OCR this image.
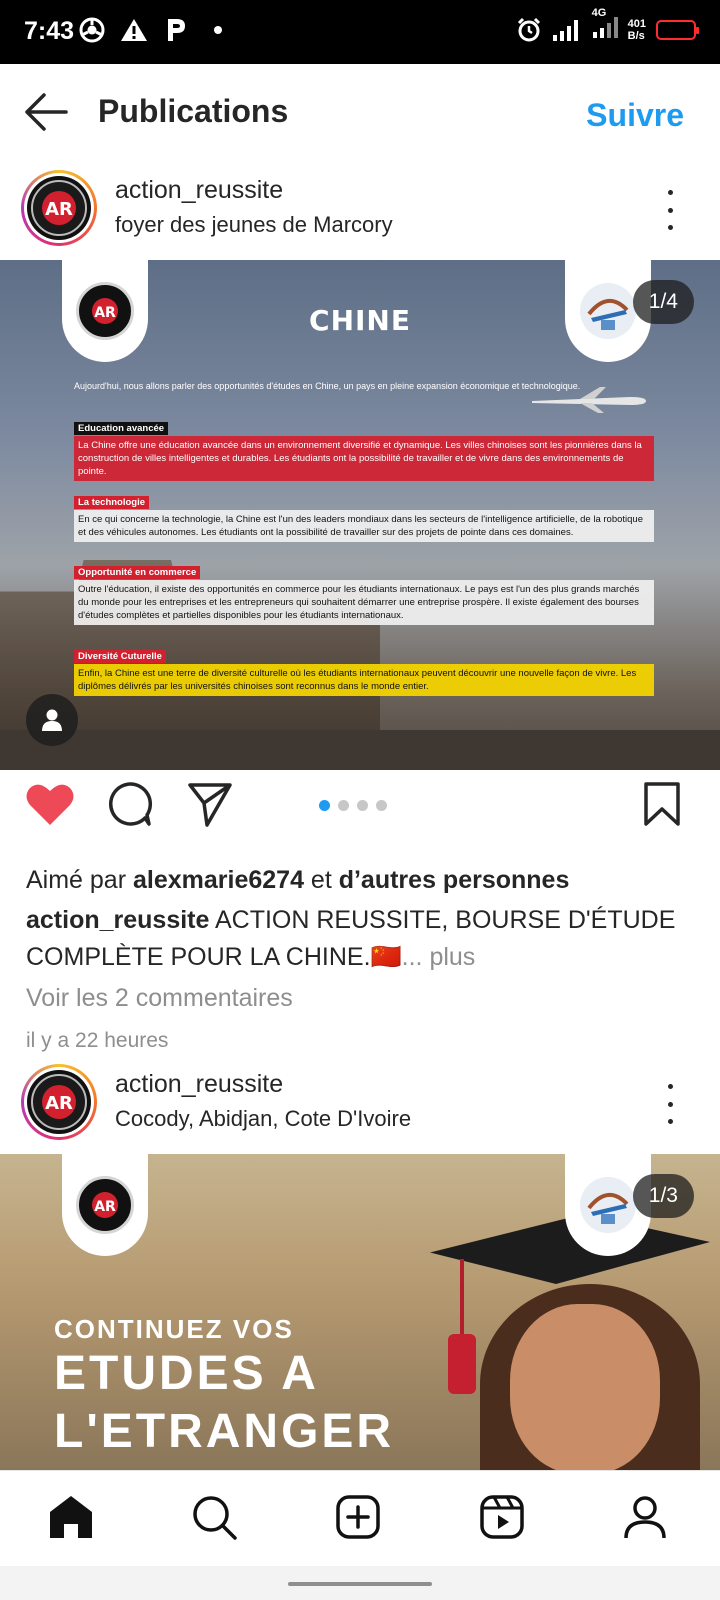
7:43
4G
401
B/s
Publications	Suivre
AR
action_reussite
foyer des jeunes de Marcory
AR	1/4
CHINE
Aujourd'hui, nous allons parler des opportunités d'études en Chine, un pays en pleine expansion économique et technologique.
Education avancée
La Chine offre une éducation avancée dans un environnement diversifié et dynamique. Les villes chinoises sont les pionnières dans la construction de villes intelligentes et durables. Les étudiants ont la possibilité de travailler et de vivre dans des environnements de pointe.
La technologie
En ce qui concerne la technologie, la Chine est l'un des leaders mondiaux dans les secteurs de l'intelligence artificielle, de la robotique et des véhicules autonomes. Les étudiants ont la possibilité de travailler sur des projets de pointe dans ces domaines.
Opportunité en commerce
Outre l'éducation, il existe des opportunités en commerce pour les étudiants internationaux. Le pays est l'un des plus grands marchés du monde pour les entreprises et les entrepreneurs qui souhaitent démarrer une entreprise prospère. Il existe également des bourses d'études complètes et partielles disponibles pour les étudiants internationaux.
Diversité Cuturelle
Enfin, la Chine est une terre de diversité culturelle où les étudiants internationaux peuvent découvrir une nouvelle façon de vivre. Les diplômes délivrés par les universités chinoises sont reconnus dans le monde entier.
Aimé par alexmarie6274 et d’autres personnes
action_reussite ACTION REUSSITE, BOURSE D'ÉTUDE COMPLÈTE POUR LA CHINE.🇨🇳... plus
Voir les 2 commentaires
il y a 22 heures
AR
action_reussite
Cocody, Abidjan, Cote D'Ivoire
AR	1/3
CONTINUEZ VOS
ETUDES A
L'ETRANGER
